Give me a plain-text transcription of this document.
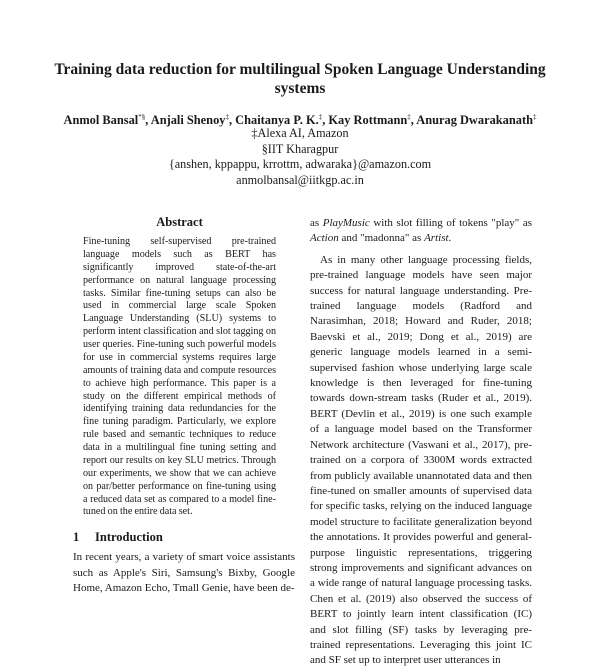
Training data reduction for multilingual Spoken Language Understanding systems
Anmol Bansal*§, Anjali Shenoy‡, Chaitanya P. K.‡, Kay Rottmann‡, Anurag Dwarakanath‡
‡Alexa AI, Amazon
§IIT Kharagpur
{anshen, kppappu, krrottm, adwaraka}@amazon.com
anmolbansal@iitkgp.ac.in
Abstract

Fine-tuning self-supervised pre-trained language models such as BERT has significantly improved state-of-the-art performance on natural language processing tasks. Similar fine-tuning setups can also be used in commercial large scale Spoken Language Understanding (SLU) systems to perform intent classification and slot tagging on user queries. Fine-tuning such powerful models for use in commercial systems requires large amounts of training data and compute resources to achieve high performance. This paper is a study on the different empirical methods of identifying training data redundancies for the fine tuning paradigm. Particularly, we explore rule based and semantic techniques to reduce data in a multilingual fine tuning setting and report our results on key SLU metrics. Through our experiments, we show that we can achieve on par/better performance on fine-tuning using a reduced data set as compared to a model fine-tuned on the entire data set.

1 Introduction

In recent years, a variety of smart voice assistants such as Apple's Siri, Samsung's Bixby, Google Home, Amazon Echo, Tmall Genie, have been de-

as PlayMusic with slot filling of tokens "play" as Action and "madonna" as Artist.

As in many other language processing fields, pre-trained language models have seen major success for natural language understanding. Pre-trained language models (Radford and Narasimhan, 2018; Howard and Ruder, 2018; Baevski et al., 2019; Dong et al., 2019) are generic language models learned in a semi-supervised fashion whose underlying large scale knowledge is then leveraged for fine-tuning towards down-stream tasks (Ruder et al., 2019). BERT (Devlin et al., 2019) is one such example of a language model based on the Transformer Network architecture (Vaswani et al., 2017), pre-trained on a corpora of 3300M words extracted from publicly available unannotated data and then fine-tuned on smaller amounts of supervised data for specific tasks, relying on the induced language model structure to facilitate generalization beyond the annotations. It provides powerful and general-purpose linguistic representations, triggering strong improvements and significant advances on a wide range of natural language processing tasks. Chen et al. (2019) also observed the success of BERT to jointly learn intent classification (IC) and slot filling (SF) tasks by leveraging pre-trained representations. Leveraging this joint IC and SF set up to interpret user utterances in
